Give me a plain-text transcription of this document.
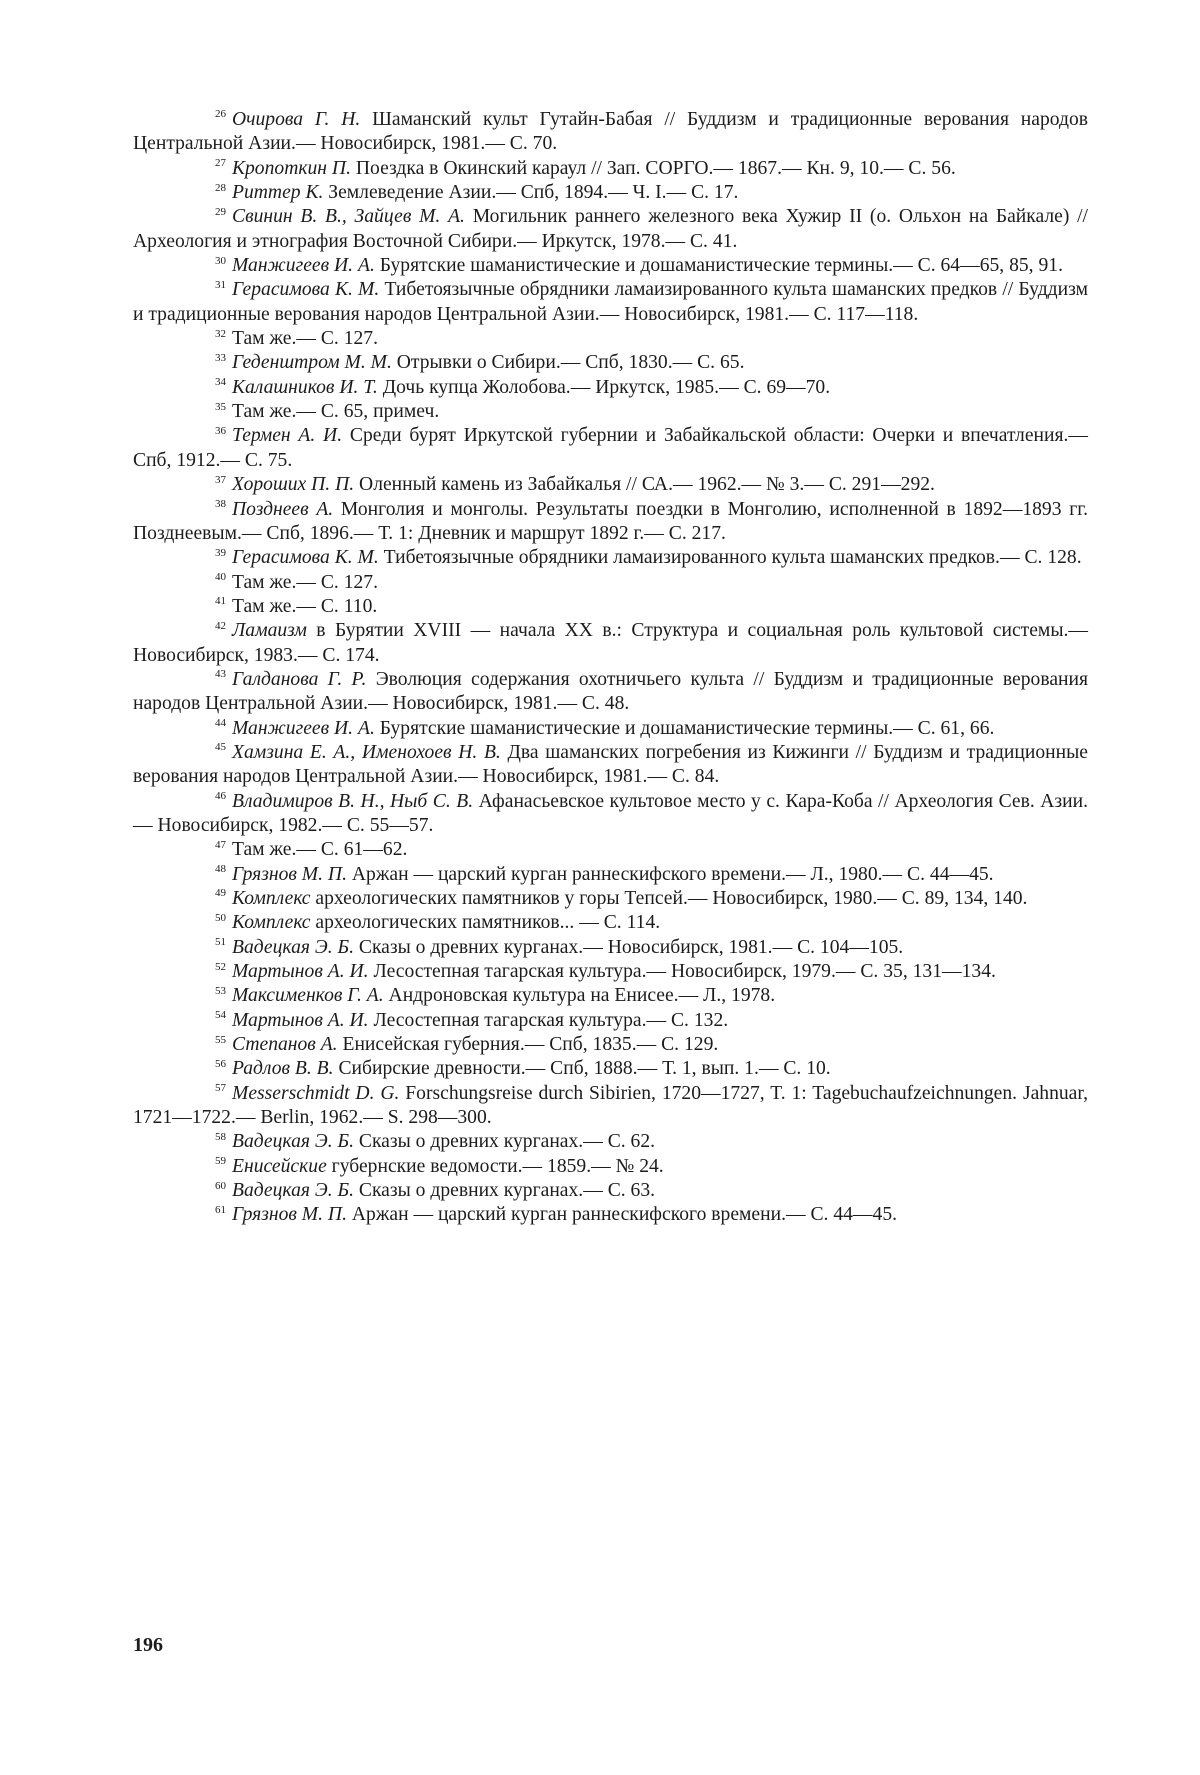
$^{26}$ Очирова Г. Н. Шаманский культ Гутайн-Бабая // Буддизм и традиционные верования народов Центральной Азии.— Новосибирск, 1981.— С. 70.

$^{27}$ Кропоткин П. Поездка в Окинский караул // Зап. СОРГО.— 1867.— Кн. 9, 10.— С. 56.

$^{28}$ Риттер К. Землеведение Азии.— Спб, 1894.— Ч. I.— С. 17.

$^{29}$ Свинин В. В., Зайцев М. А. Могильник раннего железного века Хужир II (о. Ольхон на Байкале) // Археология и этнография Восточной Сибири.— Иркутск, 1978.— С. 41.

$^{30}$ Манжигеев И. А. Бурятские шаманистические и дошаманистические термины.— С. 64—65, 85, 91.

$^{31}$ Герасимова К. М. Тибетоязычные обрядники ламаизированного культа шаманских предков // Буддизм и традиционные верования народов Центральной Азии.— Новосибирск, 1981.— С. 117—118.

$^{32}$ Там же.— С. 127.

$^{33}$ Геденштром М. М. Отрывки о Сибири.— Спб, 1830.— С. 65.

$^{34}$ Калашников И. Т. Дочь купца Жолобова.— Иркутск, 1985.— С. 69—70.

$^{35}$ Там же.— С. 65, примеч.

$^{36}$ Термен А. И. Среди бурят Иркутской губернии и Забайкальской области: Очерки и впечатления.— Спб, 1912.— С. 75.

$^{37}$ Хороших П. П. Оленный камень из Забайкалья // СА.— 1962.— № 3.— С. 291—292.

$^{38}$ Позднеев А. Монголия и монголы. Результаты поездки в Монголию, исполненной в 1892—1893 гг. Позднеевым.— Спб, 1896.— Т. 1: Дневник и маршрут 1892 г.— С. 217.

$^{39}$ Герасимова К. М. Тибетоязычные обрядники ламаизированного культа шаманских предков.— С. 128.

$^{40}$ Там же.— С. 127.

$^{41}$ Там же.— С. 110.

$^{42}$ Ламаизм в Бурятии XVIII — начала XX в.: Структура и социальная роль культовой системы.— Новосибирск, 1983.— С. 174.

$^{43}$ Галданова Г. Р. Эволюция содержания охотничьего культа // Буддизм и традиционные верования народов Центральной Азии.— Новосибирск, 1981.— С. 48.

$^{44}$ Манжигеев И. А. Бурятские шаманистические и дошаманистические термины.— С. 61, 66.

$^{45}$ Хамзина Е. А., Именохоев Н. В. Два шаманских погребения из Кижинги // Буддизм и традиционные верования народов Центральной Азии.— Новосибирск, 1981.— С. 84.

$^{46}$ Владимиров В. Н., Ныб С. В. Афанасьевское культовое место у с. Кара-Коба // Археология Сев. Азии.— Новосибирск, 1982.— С. 55—57.

$^{47}$ Там же.— С. 61—62.

$^{48}$ Грязнов М. П. Аржан — царский курган раннескифского времени.— Л., 1980.— С. 44—45.

$^{49}$ Комплекс археологических памятников у горы Тепсей.— Новосибирск, 1980.— С. 89, 134, 140.

$^{50}$ Комплекс археологических памятников... — С. 114.

$^{51}$ Вадецкая Э. Б. Сказы о древних курганах.— Новосибирск, 1981.— С. 104—105.

$^{52}$ Мартынов А. И. Лесостепная тагарская культура.— Новосибирск, 1979.— С. 35, 131—134.

$^{53}$ Максименков Г. А. Андроновская культура на Енисее.— Л., 1978.

$^{54}$ Мартынов А. И. Лесостепная тагарская культура.— С. 132.

$^{55}$ Степанов А. Енисейская губерния.— Спб, 1835.— С. 129.

$^{56}$ Радлов В. В. Сибирские древности.— Спб, 1888.— Т. 1, вып. 1.— С. 10.

$^{57}$ Messerschmidt D. G. Forschungsreise durch Sibirien, 1720—1727, T. 1: Tagebuchaufzeichnungen. Jahnuar, 1721—1722.— Berlin, 1962.— S. 298—300.

$^{58}$ Вадецкая Э. Б. Сказы о древних курганах.— С. 62.

$^{59}$ Енисейские губернские ведомости.— 1859.— № 24.

$^{60}$ Вадецкая Э. Б. Сказы о древних курганах.— С. 63.

$^{61}$ Грязнов М. П. Аржан — царский курган раннескифского времени.— С. 44—45.

196
